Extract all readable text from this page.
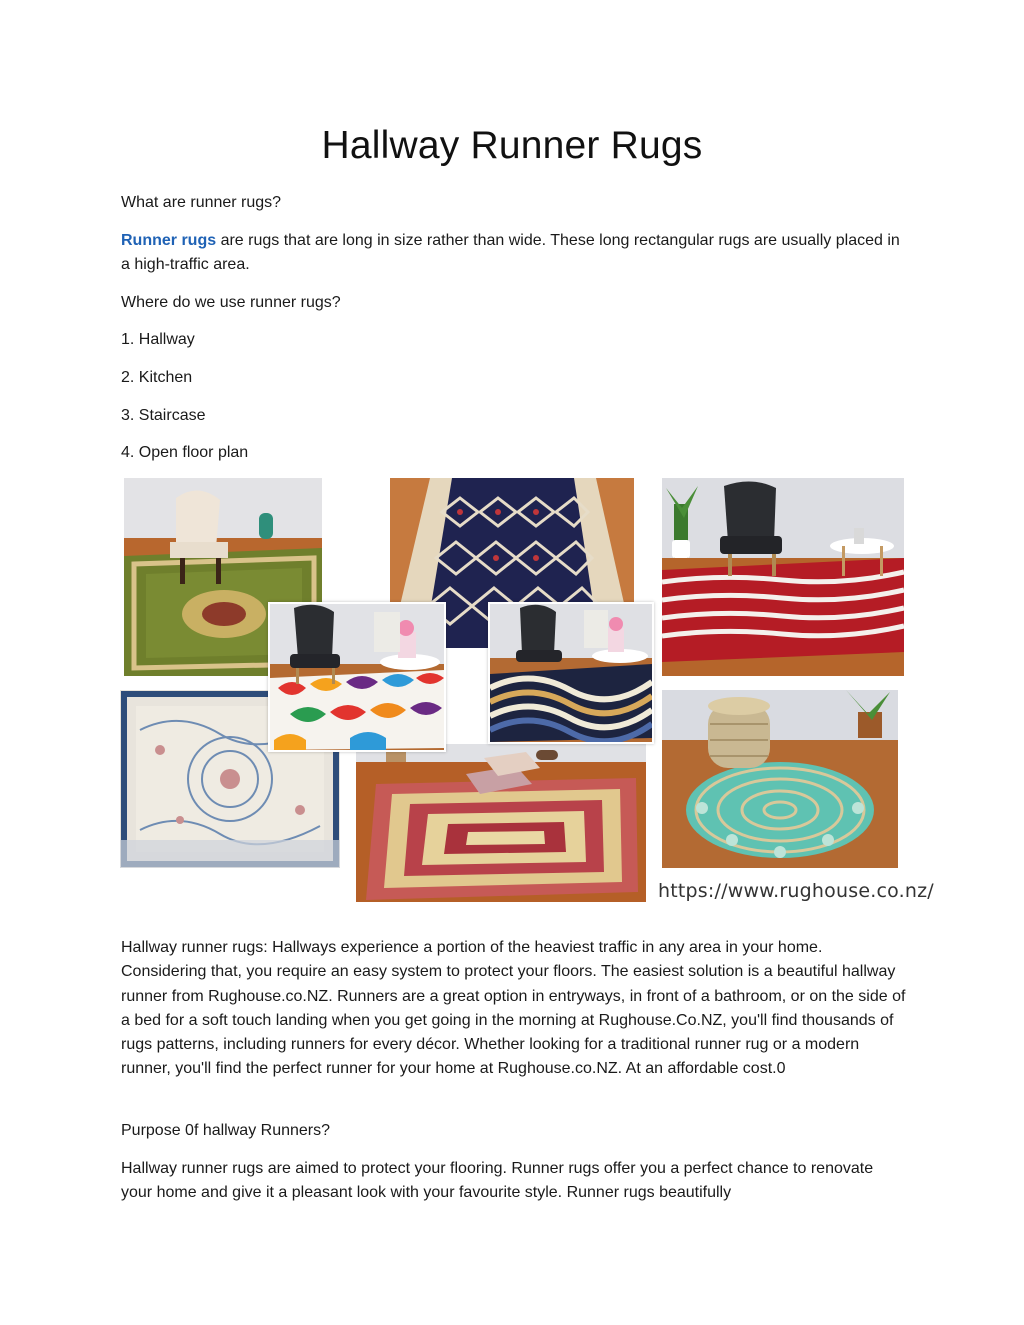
Hallway Runner Rugs

What are runner rugs?

Runner rugs are rugs that are long in size rather than wide. These long rectangular rugs are usually placed in a high-traffic area.

Where do we use runner rugs?

1. Hallway

2. Kitchen

3. Staircase

4. Open floor plan

https://www.rughouse.co.nz/

Hallway runner rugs: Hallways experience a portion of the heaviest traffic in any area in your home. Considering that, you require an easy system to protect your floors. The easiest solution is a beautiful hallway runner from Rughouse.co.NZ. Runners are a great option in entryways, in front of a bathroom, or on the side of a bed for a soft touch landing when you get going in the morning at Rughouse.Co.NZ, you'll find thousands of rugs patterns, including runners for every décor. Whether looking for a traditional runner rug or a modern runner, you'll find the perfect runner for your home at Rughouse.co.NZ. At an affordable cost.0

Purpose 0f hallway Runners?

Hallway runner rugs are aimed to protect your flooring. Runner rugs offer you a perfect chance to renovate your home and give it a pleasant look with your favourite style. Runner rugs beautifully
